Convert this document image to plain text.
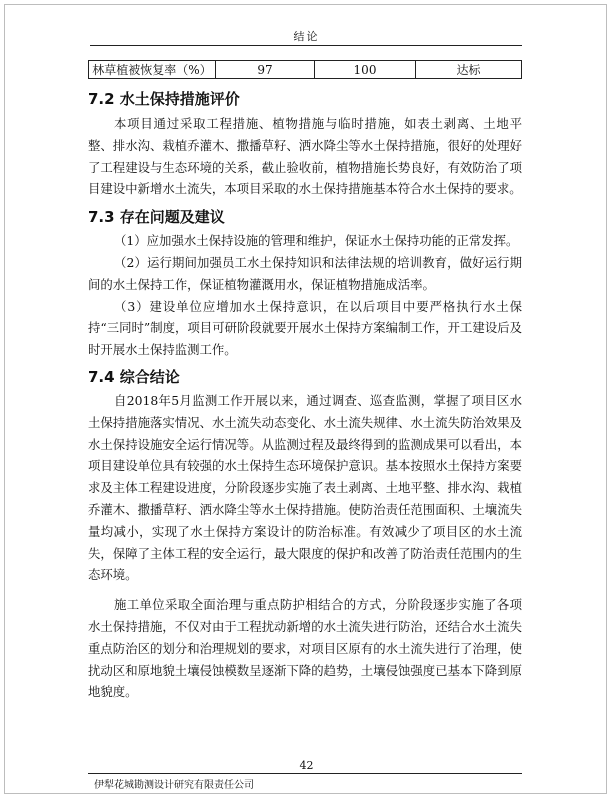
结论
林草植被恢复率（%）	97	100	达标
7.2 水土保持措施评价

本项目通过采取工程措施、植物措施与临时措施，如表土剥离、土地平整、排水沟、栽植乔灌木、撒播草籽、洒水降尘等水土保持措施，很好的处理好了工程建设与生态环境的关系，截止验收前，植物措施长势良好，有效防治了项目建设中新增水土流失，本项目采取的水土保持措施基本符合水土保持的要求。

7.3 存在问题及建议

（1）应加强水土保持设施的管理和维护，保证水土保持功能的正常发挥。

（2）运行期间加强员工水土保持知识和法律法规的培训教育，做好运行期间的水土保持工作，保证植物灌溉用水，保证植物措施成活率。

（3）建设单位应增加水土保持意识，在以后项目中要严格执行水土保持“三同时”制度，项目可研阶段就要开展水土保持方案编制工作，开工建设后及时开展水土保持监测工作。

7.4 综合结论

自2018年5月监测工作开展以来，通过调查、巡查监测，掌握了项目区水土保持措施落实情况、水土流失动态变化、水土流失规律、水土流失防治效果及水土保持设施安全运行情况等。从监测过程及最终得到的监测成果可以看出，本项目建设单位具有较强的水土保持生态环境保护意识。基本按照水土保持方案要求及主体工程建设进度，分阶段逐步实施了表土剥离、土地平整、排水沟、栽植乔灌木、撒播草籽、洒水降尘等水土保持措施。使防治责任范围面积、土壤流失量均减小，实现了水土保持方案设计的防治标准。有效减少了项目区的水土流失，保障了主体工程的安全运行，最大限度的保护和改善了防治责任范围内的生态环境。

施工单位采取全面治理与重点防护相结合的方式，分阶段逐步实施了各项水土保持措施，不仅对由于工程扰动新增的水土流失进行防治，还结合水土流失重点防治区的划分和治理规划的要求，对项目区原有的水土流失进行了治理，使扰动区和原地貌土壤侵蚀模数呈逐渐下降的趋势，土壤侵蚀强度已基本下降到原地貌度。

42
伊犁花城勘测设计研究有限责任公司
